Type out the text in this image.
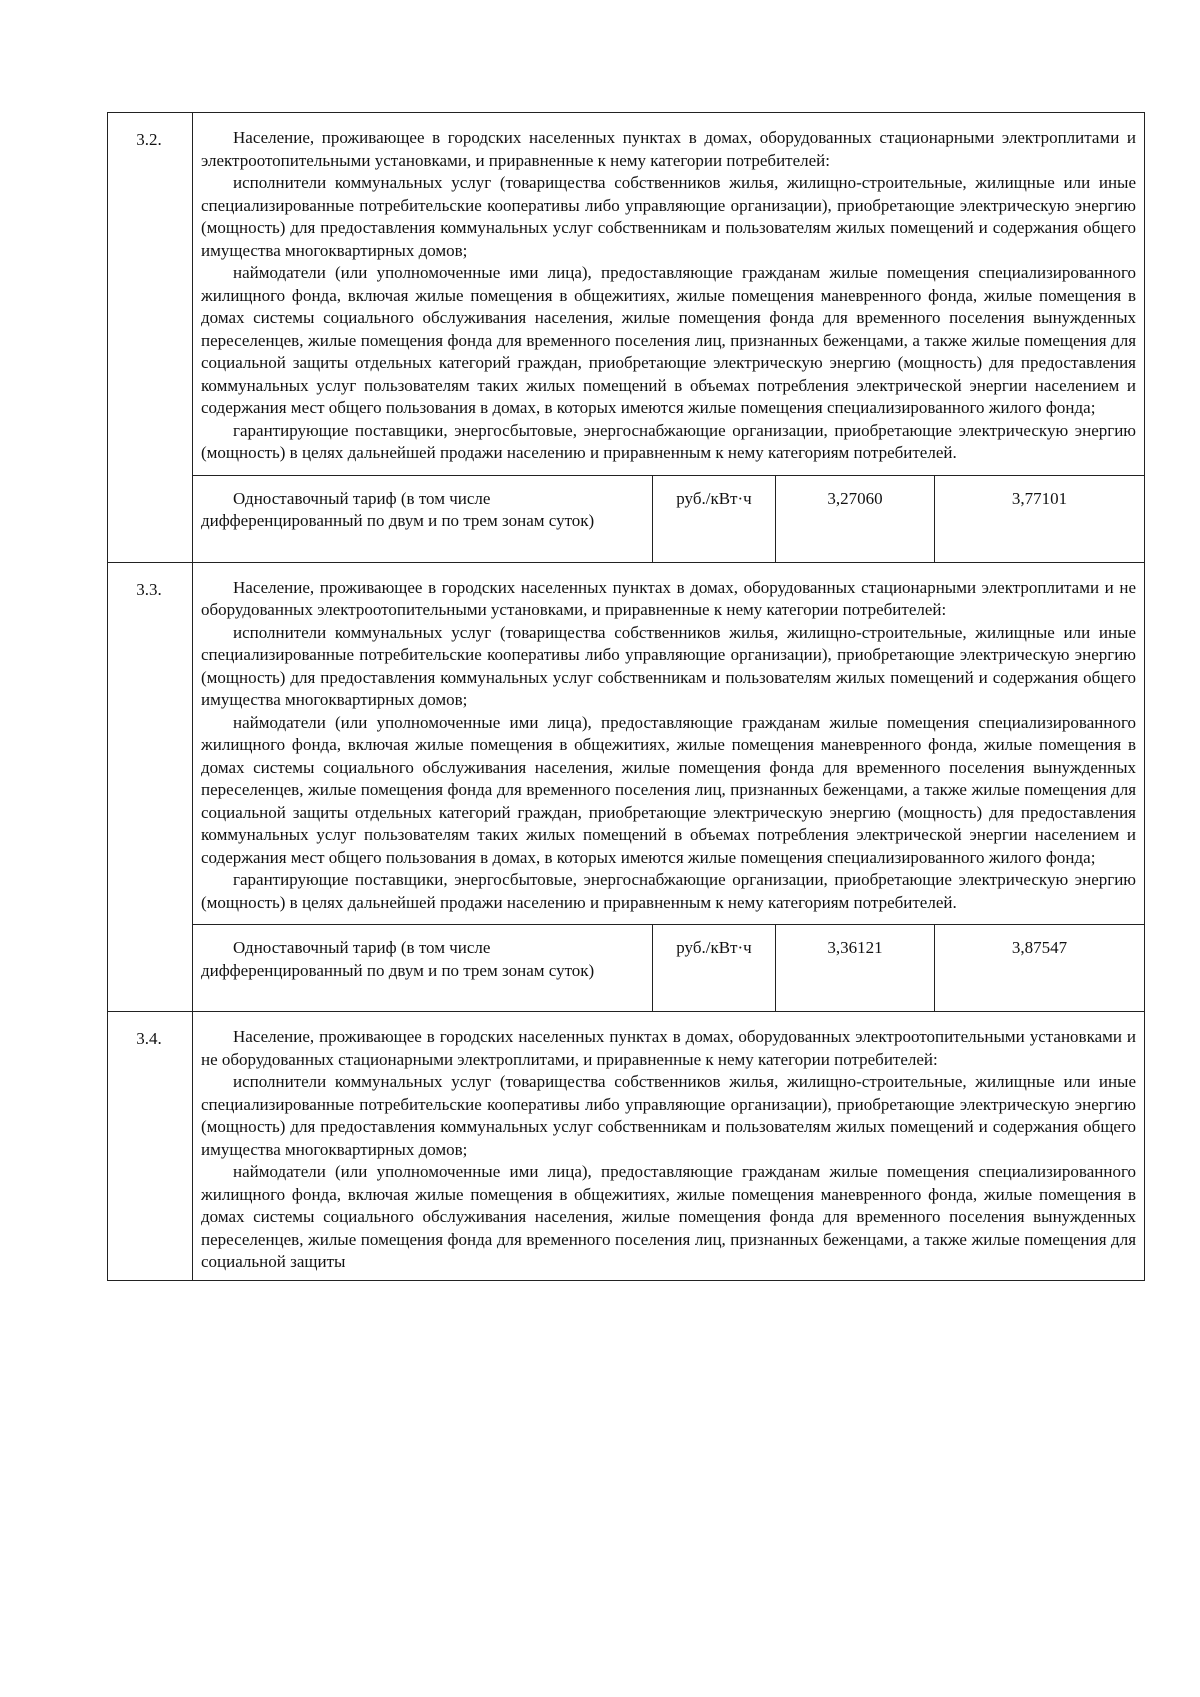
3.2.	Население, проживающее в городских населенных пунктах в домах, оборудованных стационарными электроплитами и электроотопительными установками, и приравненные к нему категории потребителей:

исполнители коммунальных услуг (товарищества собственников жилья, жилищно-строительные, жилищные или иные специализированные потребительские кооперативы либо управляющие организации), приобретающие электрическую энергию (мощность) для предоставления коммунальных услуг собственникам и пользователям жилых помещений и содержания общего имущества многоквартирных домов;

наймодатели (или уполномоченные ими лица), предоставляющие гражданам жилые помещения специализированного жилищного фонда, включая жилые помещения в общежитиях, жилые помещения маневренного фонда, жилые помещения в домах системы социального обслуживания населения, жилые помещения фонда для временного поселения вынужденных переселенцев, жилые помещения фонда для временного поселения лиц, признанных беженцами, а также жилые помещения для социальной защиты отдельных категорий граждан, приобретающие электрическую энергию (мощность) для предоставления коммунальных услуг пользователям таких жилых помещений в объемах потребления электрической энергии населением и содержания мест общего пользования в домах, в которых имеются жилые помещения специализированного жилого фонда;

гарантирующие поставщики, энергосбытовые, энергоснабжающие организации, приобретающие электрическую энергию (мощность) в целях дальнейшей продажи населению и приравненным к нему категориям потребителей.			

	Одноставочный тариф (в том числе дифференцированный по двум и по трем зонам суток)	руб./кВт·ч	3,27060	3,77101
3.3.	Население, проживающее в городских населенных пунктах в домах, оборудованных стационарными электроплитами и не оборудованных электроотопительными установками, и приравненные к нему категории потребителей:

исполнители коммунальных услуг (товарищества собственников жилья, жилищно-строительные, жилищные или иные специализированные потребительские кооперативы либо управляющие организации), приобретающие электрическую энергию (мощность) для предоставления коммунальных услуг собственникам и пользователям жилых помещений и содержания общего имущества многоквартирных домов;

наймодатели (или уполномоченные ими лица), предоставляющие гражданам жилые помещения специализированного жилищного фонда, включая жилые помещения в общежитиях, жилые помещения маневренного фонда, жилые помещения в домах системы социального обслуживания населения, жилые помещения фонда для временного поселения вынужденных переселенцев, жилые помещения фонда для временного поселения лиц, признанных беженцами, а также жилые помещения для социальной защиты отдельных категорий граждан, приобретающие электрическую энергию (мощность) для предоставления коммунальных услуг пользователям таких жилых помещений в объемах потребления электрической энергии населением и содержания мест общего пользования в домах, в которых имеются жилые помещения специализированного жилого фонда;

гарантирующие поставщики, энергосбытовые, энергоснабжающие организации, приобретающие электрическую энергию (мощность) в целях дальнейшей продажи населению и приравненным к нему категориям потребителей.			

	Одноставочный тариф (в том числе дифференцированный по двум и по трем зонам суток)	руб./кВт·ч	3,36121	3,87547
3.4.	Население, проживающее в городских населенных пунктах в домах, оборудованных электроотопительными установками и не оборудованных стационарными электроплитами, и приравненные к нему категории потребителей:

исполнители коммунальных услуг (товарищества собственников жилья, жилищно-строительные, жилищные или иные специализированные потребительские кооперативы либо управляющие организации), приобретающие электрическую энергию (мощность) для предоставления коммунальных услуг собственникам и пользователям жилых помещений и содержания общего имущества многоквартирных домов;

наймодатели (или уполномоченные ими лица), предоставляющие гражданам жилые помещения специализированного жилищного фонда, включая жилые помещения в общежитиях, жилые помещения маневренного фонда, жилые помещения в домах системы социального обслуживания населения, жилые помещения фонда для временного поселения вынужденных переселенцев, жилые помещения фонда для временного поселения лиц, признанных беженцами, а также жилые помещения для социальной защиты			
